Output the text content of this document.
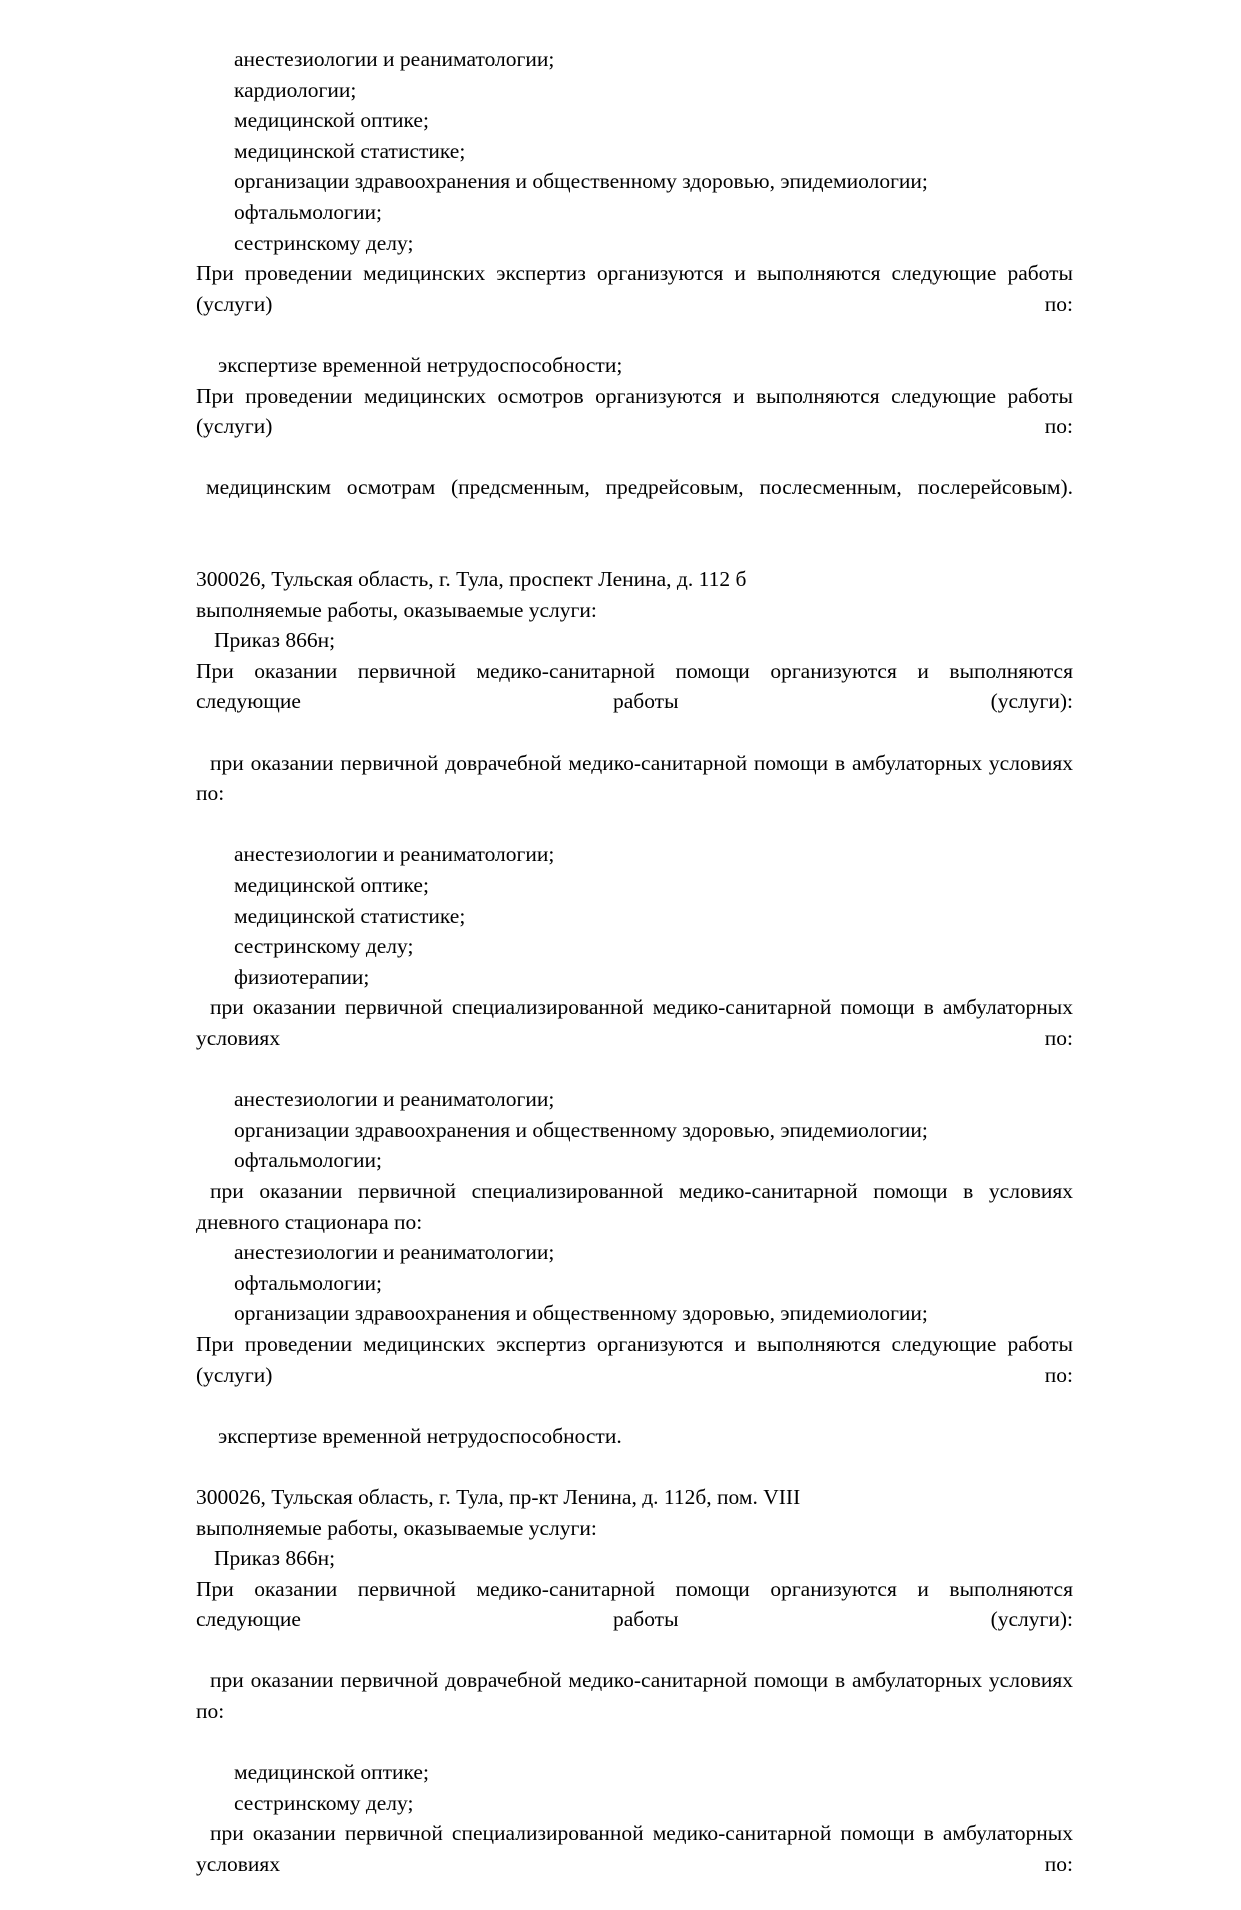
анестезиологии и реаниматологии;

кардиологии;

медицинской оптике;

медицинской статистике;

организации здравоохранения и общественному здоровью, эпидемиологии;

офтальмологии;

сестринскому делу;

При проведении медицинских экспертиз организуются и выполняются следующие работы (услуги) по:

экспертизе временной нетрудоспособности;

При проведении медицинских осмотров организуются и выполняются следующие работы (услуги) по:

медицинским осмотрам (предсменным, предрейсовым, послесменным, послерейсовым).

300026, Тульская область, г. Тула, проспект Ленина, д. 112 б

выполняемые работы, оказываемые услуги:

Приказ 866н;

При оказании первичной медико-санитарной помощи организуются и выполняются следующие работы (услуги):

при оказании первичной доврачебной медико-санитарной помощи в амбулаторных условиях по:

анестезиологии и реаниматологии;

медицинской оптике;

медицинской статистике;

сестринскому делу;

физиотерапии;

при оказании первичной специализированной медико-санитарной помощи в амбулаторных условиях по:

анестезиологии и реаниматологии;

организации здравоохранения и общественному здоровью, эпидемиологии;

офтальмологии;

при оказании первичной специализированной медико-санитарной помощи в условиях дневного стационара по:

анестезиологии и реаниматологии;

офтальмологии;

организации здравоохранения и общественному здоровью, эпидемиологии;

При проведении медицинских экспертиз организуются и выполняются следующие работы (услуги) по:

экспертизе временной нетрудоспособности.

300026, Тульская область, г. Тула, пр-кт Ленина, д. 112б, пом. VIII

выполняемые работы, оказываемые услуги:

Приказ 866н;

При оказании первичной медико-санитарной помощи организуются и выполняются следующие работы (услуги):

при оказании первичной доврачебной медико-санитарной помощи в амбулаторных условиях по:

медицинской оптике;

сестринскому делу;

при оказании первичной специализированной медико-санитарной помощи в амбулаторных условиях по:
